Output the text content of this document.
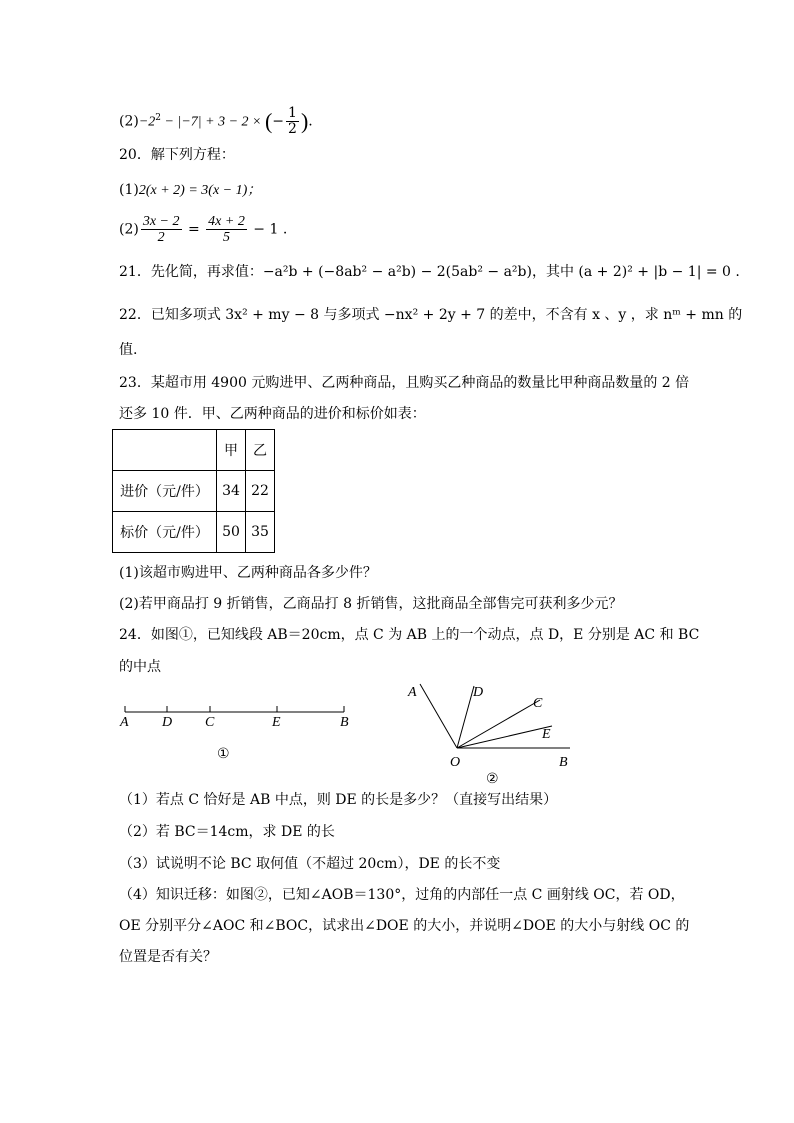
$(2)-2^2 - |-7| + 3 - 2$ × (− $\frac{1}{2}$ ).
20．解下列方程：
(1)2(x + 2) = 3(x − 1)；
$(2) \frac{3x - 2}{2} = \frac{4x + 2}{5} - 1$ .
21．先化简，再求值：−a²b + (−8ab² − a²b) − 2(5ab² − a²b)，其中 (a + 2)² + |b − 1| = 0 .
22．已知多项式 3x² + my − 8 与多项式 −nx² + 2y + 7 的差中，不含有 x 、y ，求 nᵐ + mn 的
值.
23．某超市用 4900 元购进甲、乙两种商品，且购买乙种商品的数量比甲种商品数量的 2 倍
还多 10 件．甲、乙两种商品的进价和标价如表：
	甲	乙
进价（元/件）	34	22
标价（元/件）	50	35
(1)该超市购进甲、乙两种商品各多少件？
(2)若甲商品打 9 折销售，乙商品打 8 折销售，这批商品全部售完可获利多少元？
24．如图①，已知线段 AB＝20cm，点 C 为 AB 上的一个动点，点 D，E 分别是 AC 和 BC
的中点
A D C	E	B
①
A	D
C
E
O	B
②
（1）若点 C 恰好是 AB 中点，则 DE 的长是多少？（直接写出结果）
（2）若 BC＝14cm，求 DE 的长
（3）试说明不论 BC 取何值（不超过 20cm），DE 的长不变
（4）知识迁移：如图②，已知∠AOB＝130°，过角的内部任一点 C 画射线 OC，若 OD，
OE 分别平分∠AOC 和∠BOC，试求出∠DOE 的大小，并说明∠DOE 的大小与射线 OC 的
位置是否有关？
